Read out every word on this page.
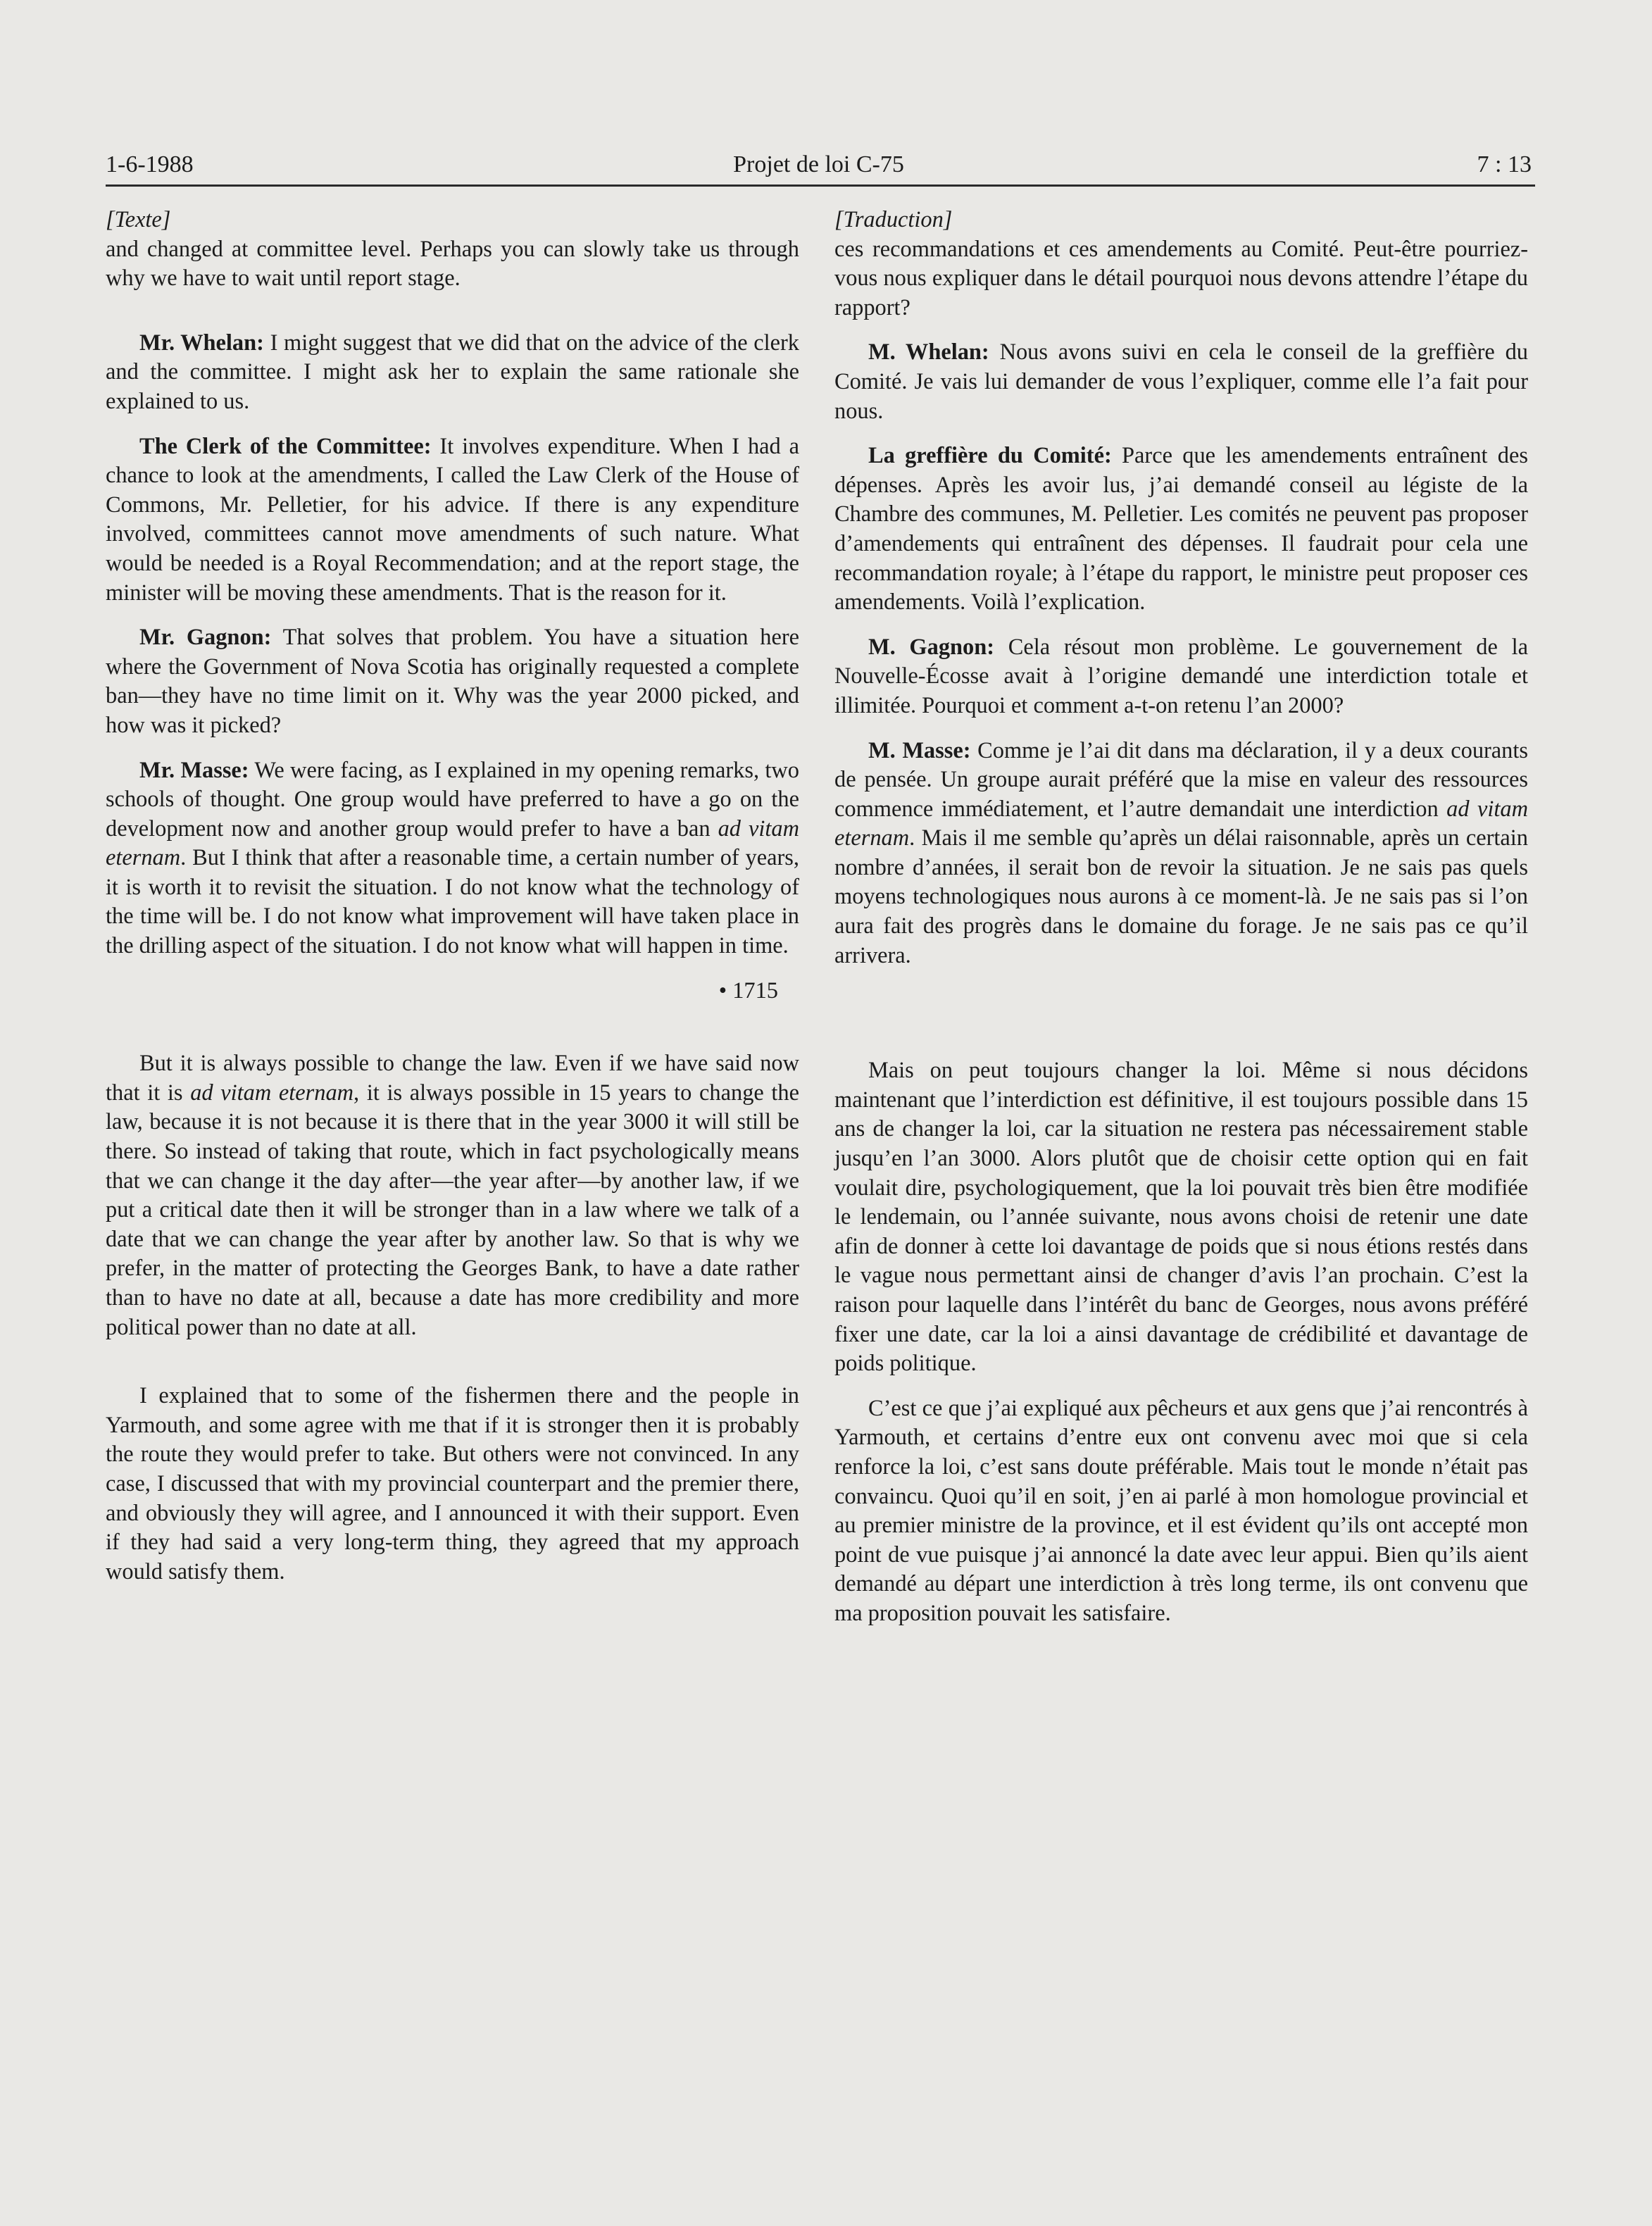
1-6-1988	Projet de loi C-75	7 : 13
[Texte]

and changed at committee level. Perhaps you can slowly take us through why we have to wait until report stage.

Mr. Whelan: I might suggest that we did that on the advice of the clerk and the committee. I might ask her to explain the same rationale she explained to us.

The Clerk of the Committee: It involves expenditure. When I had a chance to look at the amendments, I called the Law Clerk of the House of Commons, Mr. Pelletier, for his advice. If there is any expenditure involved, committees cannot move amendments of such nature. What would be needed is a Royal Recommendation; and at the report stage, the minister will be moving these amendments. That is the reason for it.

Mr. Gagnon: That solves that problem. You have a situation here where the Government of Nova Scotia has originally requested a complete ban—they have no time limit on it. Why was the year 2000 picked, and how was it picked?

Mr. Masse: We were facing, as I explained in my opening remarks, two schools of thought. One group would have preferred to have a go on the development now and another group would prefer to have a ban ad vitam eternam. But I think that after a reasonable time, a certain number of years, it is worth it to revisit the situation. I do not know what the technology of the time will be. I do not know what improvement will have taken place in the drilling aspect of the situation. I do not know what will happen in time.

• 1715

But it is always possible to change the law. Even if we have said now that it is ad vitam eternam, it is always possible in 15 years to change the law, because it is not because it is there that in the year 3000 it will still be there. So instead of taking that route, which in fact psychologically means that we can change it the day after—the year after—by another law, if we put a critical date then it will be stronger than in a law where we talk of a date that we can change the year after by another law. So that is why we prefer, in the matter of protecting the Georges Bank, to have a date rather than to have no date at all, because a date has more credibility and more political power than no date at all.

I explained that to some of the fishermen there and the people in Yarmouth, and some agree with me that if it is stronger then it is probably the route they would prefer to take. But others were not convinced. In any case, I discussed that with my provincial counterpart and the premier there, and obviously they will agree, and I announced it with their support. Even if they had said a very long-term thing, they agreed that my approach would satisfy them.

[Traduction]

ces recommandations et ces amendements au Comité. Peut-être pourriez-vous nous expliquer dans le détail pourquoi nous devons attendre l’étape du rapport?

M. Whelan: Nous avons suivi en cela le conseil de la greffière du Comité. Je vais lui demander de vous l’expliquer, comme elle l’a fait pour nous.

La greffière du Comité: Parce que les amendements entraînent des dépenses. Après les avoir lus, j’ai demandé conseil au légiste de la Chambre des communes, M. Pelletier. Les comités ne peuvent pas proposer d’amendements qui entraînent des dépenses. Il faudrait pour cela une recommandation royale; à l’étape du rapport, le ministre peut proposer ces amendements. Voilà l’explication.

M. Gagnon: Cela résout mon problème. Le gouvernement de la Nouvelle-Écosse avait à l’origine demandé une interdiction totale et illimitée. Pourquoi et comment a-t-on retenu l’an 2000?

M. Masse: Comme je l’ai dit dans ma déclaration, il y a deux courants de pensée. Un groupe aurait préféré que la mise en valeur des ressources commence immédiatement, et l’autre demandait une interdiction ad vitam eternam. Mais il me semble qu’après un délai raisonnable, après un certain nombre d’années, il serait bon de revoir la situation. Je ne sais pas quels moyens technologiques nous aurons à ce moment-là. Je ne sais pas si l’on aura fait des progrès dans le domaine du forage. Je ne sais pas ce qu’il arrivera.

Mais on peut toujours changer la loi. Même si nous décidons maintenant que l’interdiction est définitive, il est toujours possible dans 15 ans de changer la loi, car la situation ne restera pas nécessairement stable jusqu’en l’an 3000. Alors plutôt que de choisir cette option qui en fait voulait dire, psychologiquement, que la loi pouvait très bien être modifiée le lendemain, ou l’année suivante, nous avons choisi de retenir une date afin de donner à cette loi davantage de poids que si nous étions restés dans le vague nous permettant ainsi de changer d’avis l’an prochain. C’est la raison pour laquelle dans l’intérêt du banc de Georges, nous avons préféré fixer une date, car la loi a ainsi davantage de crédibilité et davantage de poids politique.

C’est ce que j’ai expliqué aux pêcheurs et aux gens que j’ai rencontrés à Yarmouth, et certains d’entre eux ont convenu avec moi que si cela renforce la loi, c’est sans doute préférable. Mais tout le monde n’était pas convaincu. Quoi qu’il en soit, j’en ai parlé à mon homologue provincial et au premier ministre de la province, et il est évident qu’ils ont accepté mon point de vue puisque j’ai annoncé la date avec leur appui. Bien qu’ils aient demandé au départ une interdiction à très long terme, ils ont convenu que ma proposition pouvait les satisfaire.
